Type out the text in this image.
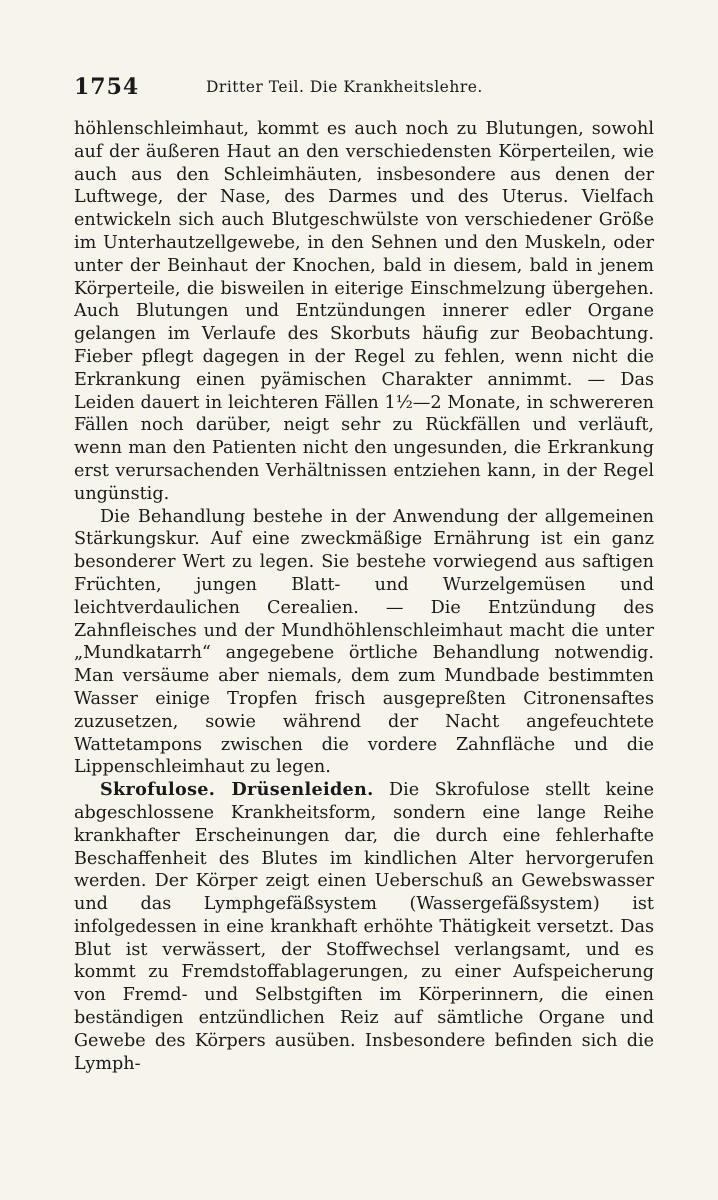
1754	Dritter Teil. Die Krankheitslehre.

höhlenschleimhaut, kommt es auch noch zu Blutungen, sowohl auf der äußeren Haut an den verschiedensten Körperteilen, wie auch aus den Schleimhäuten, insbesondere aus denen der Luftwege, der Nase, des Darmes und des Uterus. Vielfach entwickeln sich auch Blutgeschwülste von verschiedener Größe im Unterhautzellgewebe, in den Sehnen und den Muskeln, oder unter der Beinhaut der Knochen, bald in diesem, bald in jenem Körperteile, die bisweilen in eiterige Einschmelzung übergehen. Auch Blutungen und Entzündungen innerer edler Organe gelangen im Verlaufe des Skorbuts häufig zur Beobachtung. Fieber pflegt dagegen in der Regel zu fehlen, wenn nicht die Erkrankung einen pyämischen Charakter annimmt. — Das Leiden dauert in leichteren Fällen 1½—2 Monate, in schwereren Fällen noch darüber, neigt sehr zu Rückfällen und verläuft, wenn man den Patienten nicht den ungesunden, die Erkrankung erst verursachenden Verhältnissen entziehen kann, in der Regel ungünstig.

Die Behandlung bestehe in der Anwendung der allgemeinen Stärkungskur. Auf eine zweckmäßige Ernährung ist ein ganz besonderer Wert zu legen. Sie bestehe vorwiegend aus saftigen Früchten, jungen Blatt- und Wurzelgemüsen und leichtverdaulichen Cerealien. — Die Entzündung des Zahnfleisches und der Mundhöhlenschleimhaut macht die unter „Mundkatarrh“ angegebene örtliche Behandlung notwendig. Man versäume aber niemals, dem zum Mundbade bestimmten Wasser einige Tropfen frisch ausgepreßten Citronensaftes zuzusetzen, sowie während der Nacht angefeuchtete Wattetampons zwischen die vordere Zahnfläche und die Lippenschleimhaut zu legen.

Skrofulose. Drüsenleiden. Die Skrofulose stellt keine abgeschlossene Krankheitsform, sondern eine lange Reihe krankhafter Erscheinungen dar, die durch eine fehlerhafte Beschaffenheit des Blutes im kindlichen Alter hervorgerufen werden. Der Körper zeigt einen Ueberschuß an Gewebswasser und das Lymphgefäßsystem (Wassergefäßsystem) ist infolgedessen in eine krankhaft erhöhte Thätigkeit versetzt. Das Blut ist verwässert, der Stoffwechsel verlangsamt, und es kommt zu Fremdstoffablagerungen, zu einer Aufspeicherung von Fremd- und Selbstgiften im Körperinnern, die einen beständigen entzündlichen Reiz auf sämtliche Organe und Gewebe des Körpers ausüben. Insbesondere befinden sich die Lymph-
